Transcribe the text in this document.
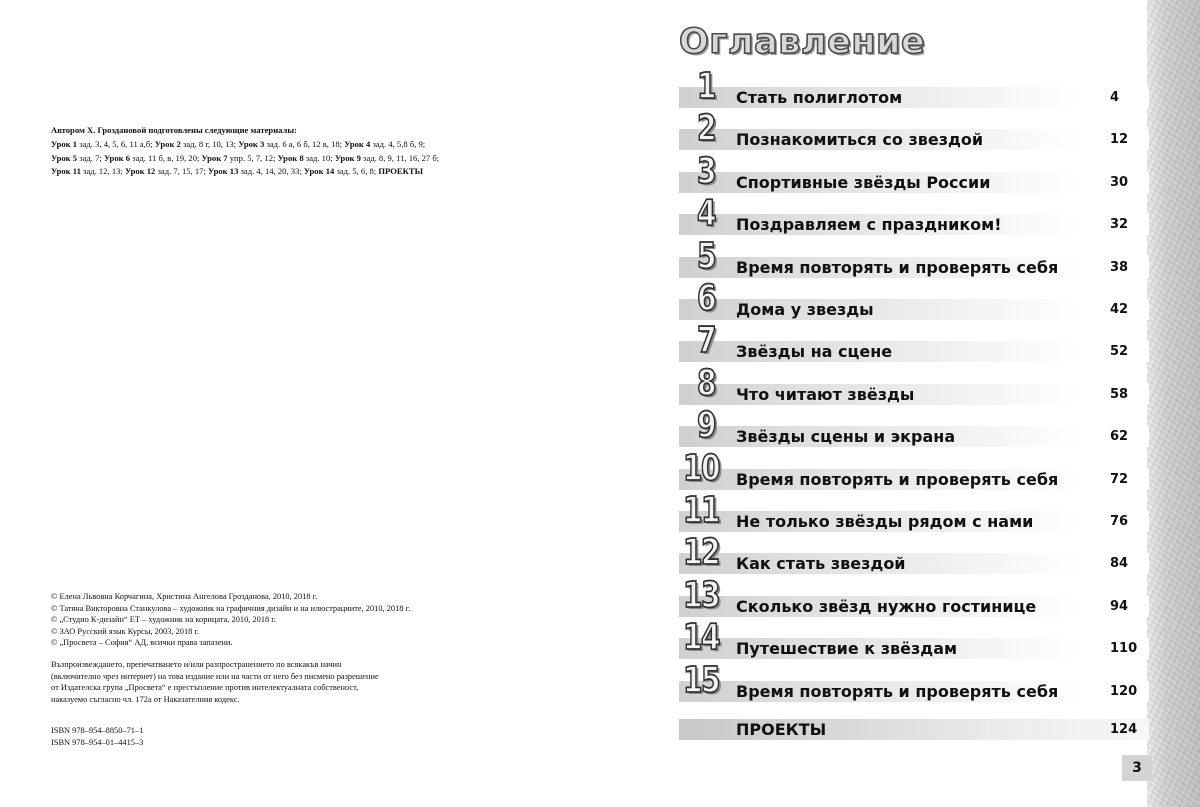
Автором Х. Гроздановой подготовлены следующие материалы:
Урок 1 зад. 3, 4, 5, 6, 11 а,б; Урок 2 зад. 8 г, 10, 13; Урок 3 зад. 6 а, 6 б, 12 в, 18; Урок 4 зад. 4, 5,8 б, 9;
Урок 5 зад. 7; Урок 6 зад. 11 б, в, 19, 20; Урок 7 упр. 5, 7, 12; Урок 8 зад. 10; Урок 9 зад. 8, 9, 11, 16, 27 б;
Урок 11 зад. 12, 13; Урок 12 зад. 7, 15, 17; Урок 13 зад. 4, 14, 20, 33; Урок 14 зад. 5, 6, 8; ПРОЕКТЫ
© Елена Львовна Корчагина, Христина Ангелова Грозданова, 2010, 2018 г.
© Татяна Викторовна Станкулова – художник на графичния дизайн и на илюстрациите, 2010, 2018 г.
© „Студио К-дизайн“ ЕТ – художник на корицата, 2010, 2018 г.
© ЗАО Русский язык Курсы, 2003, 2018 г.
© „Просвета – София“ АД, всички права запазени.
Възпроизвеждането, препечатването и/или разпространението по всякакъв начин
(включително чрез интернет) на това издание или на части от него без писмено разрешение
от Издателска група „Просвета“ е престъпление против интелектуалната собственост,
наказуемо съгласно чл. 172а от Наказателния кодекс.
ISBN 978–954–8850–71–1
ISBN 978–954–01–4415–3
Оглавление
1 Стать полиглотом	4
2 Познакомиться со звездой	12
3 Спортивные звёзды России	30
4 Поздравляем с праздником!	32
5 Время повторять и проверять себя	38
6 Дома у звезды	42
7 Звёзды на сцене	52
8 Что читают звёзды	58
9 Звёзды сцены и экрана	62
10 Время повторять и проверять себя	72
11 Не только звёзды рядом с нами	76
12 Как стать звездой	84
13 Сколько звёзд нужно гостинице	94
14 Путешествие к звёздам	110
15 Время повторять и проверять себя	120
ПРОЕКТЫ	124
3
